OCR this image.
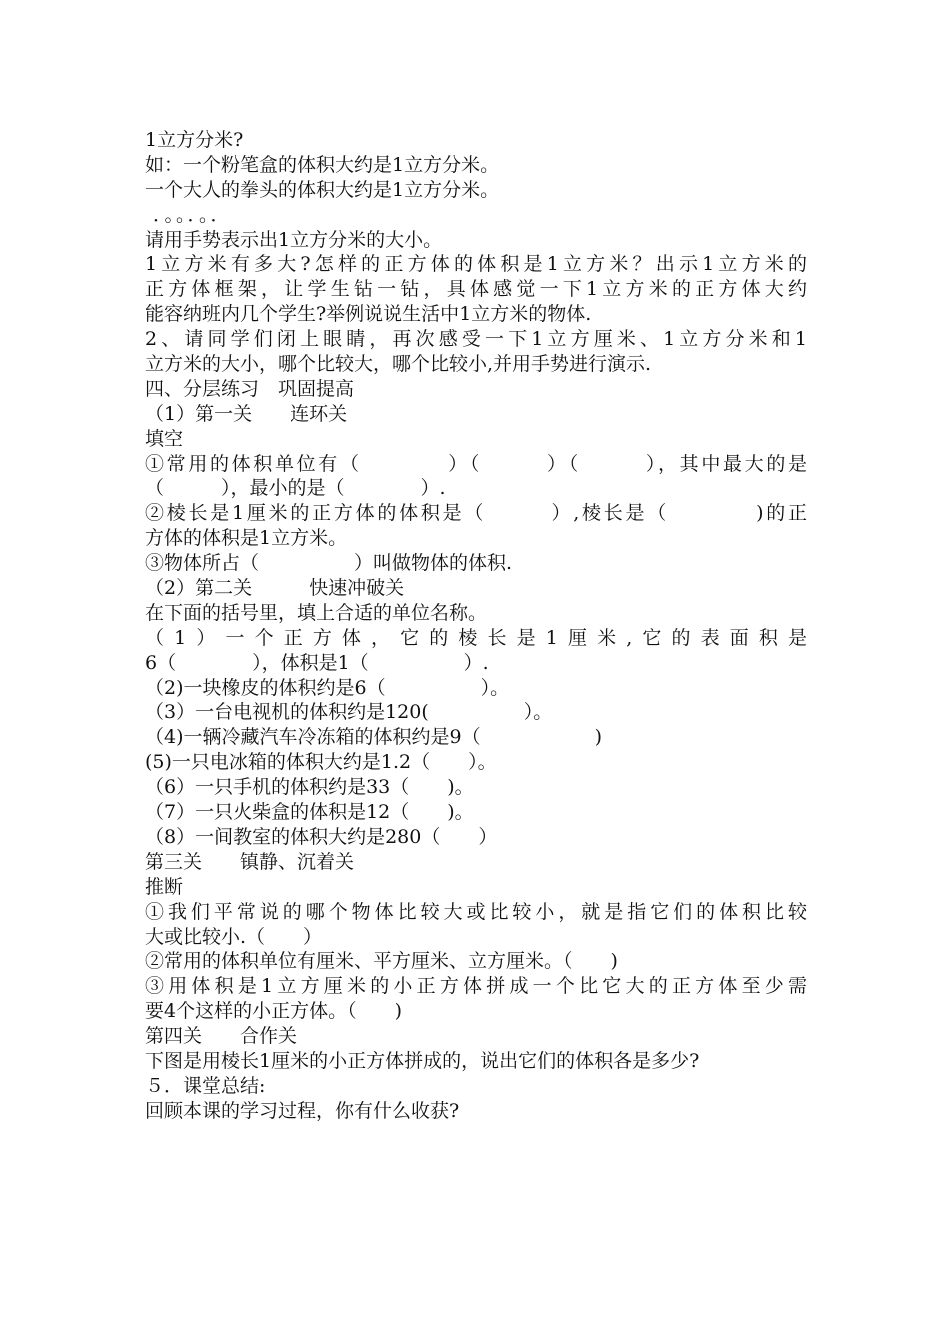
1立方分米?
如：一个粉笔盒的体积大约是1立方分米。
一个大人的拳头的体积大约是1立方分米。
．。。．。．
请用手势表示出1立方分米的大小。
1立方米有多大?怎样的正方体的体积是1立方米？出示1立方米的
正方体框架，让学生钻一钻，具体感觉一下1立方米的正方体大约
能容纳班内几个学生?举例说说生活中1立方米的物体.
2、请同学们闭上眼睛，再次感受一下1立方厘米、1立方分米和1
立方米的大小，哪个比较大，哪个比较小,并用手势进行演示.
四、分层练习　巩固提高
（1）第一关　　连环关
填空
①常用的体积单位有（　　　　）（　　　）（　　　），其中最大的是
（　　　），最小的是（　　　　）.
②棱长是1厘米的正方体的体积是（　　　）,棱长是（　　　　)的正
方体的体积是1立方米。
③物体所占（　　　　　）叫做物体的体积.
（2）第二关　　　快速冲破关
在下面的括号里，填上合适的单位名称。
（1）一个正方体，它的棱长是1厘米,它的表面积是
6（　　　　），体积是1（　　　　　）.
（2)一块橡皮的体积约是6（　　　　　）。
（3）一台电视机的体积约是120(　　　　　）。
（4)一辆冷藏汽车冷冻箱的体积约是9（　　　　　　)
(5)一只电冰箱的体积大约是1.2（　　）。
（6）一只手机的体积约是33（　　)。
（7）一只火柴盒的体积是12（　　)。
（8）一间教室的体积大约是280（　　）
第三关　　镇静、沉着关
推断
①我们平常说的哪个物体比较大或比较小，就是指它们的体积比较
大或比较小.（　　）
②常用的体积单位有厘米、平方厘米、立方厘米。（　　)
③用体积是1立方厘米的小正方体拼成一个比它大的正方体至少需
要4个这样的小正方体。（　　)
第四关　　合作关
下图是用棱长1厘米的小正方体拼成的，说出它们的体积各是多少?
５．课堂总结:
回顾本课的学习过程，你有什么收获?
